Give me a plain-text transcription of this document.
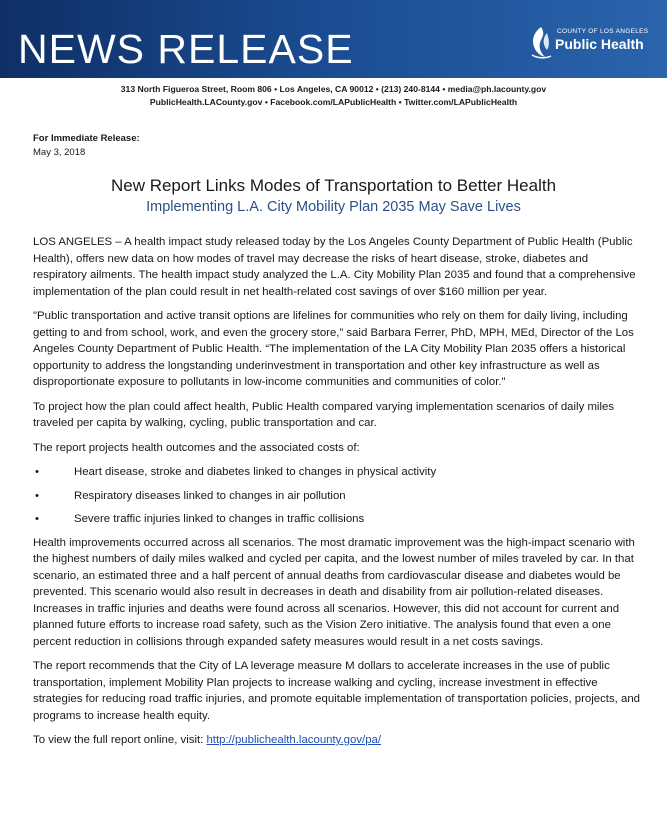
NEWS RELEASE	COUNTY OF LOS ANGELES
Public Health
313 North Figueroa Street, Room 806 • Los Angeles, CA 90012 • (213) 240-8144 • media@ph.lacounty.gov
PublicHealth.LACounty.gov • Facebook.com/LAPublicHealth • Twitter.com/LAPublicHealth
For Immediate Release:
May 3, 2018
New Report Links Modes of Transportation to Better Health
Implementing L.A. City Mobility Plan 2035 May Save Lives

LOS ANGELES – A health impact study released today by the Los Angeles County Department of Public Health (Public Health), offers new data on how modes of travel may decrease the risks of heart disease, stroke, diabetes and respiratory ailments. The health impact study analyzed the L.A. City Mobility Plan 2035 and found that a comprehensive implementation of the plan could result in net health-related cost savings of over $160 million per year.

"Public transportation and active transit options are lifelines for communities who rely on them for daily living, including getting to and from school, work, and even the grocery store,” said Barbara Ferrer, PhD, MPH, MEd, Director of the Los Angeles County Department of Public Health. “The implementation of the LA City Mobility Plan 2035 offers a historical opportunity to address the longstanding underinvestment in transportation and other key infrastructure as well as disproportionate exposure to pollutants in low-income communities and communities of color."

To project how the plan could affect health, Public Health compared varying implementation scenarios of daily miles traveled per capita by walking, cycling, public transportation and car.

The report projects health outcomes and the associated costs of:

•	Heart disease, stroke and diabetes linked to changes in physical activity
•	Respiratory diseases linked to changes in air pollution
•	Severe traffic injuries linked to changes in traffic collisions

Health improvements occurred across all scenarios. The most dramatic improvement was the high-impact scenario with the highest numbers of daily miles walked and cycled per capita, and the lowest number of miles traveled by car. In that scenario, an estimated three and a half percent of annual deaths from cardiovascular disease and diabetes would be prevented. This scenario would also result in decreases in death and disability from air pollution-related diseases. Increases in traffic injuries and deaths were found across all scenarios. However, this did not account for current and planned future efforts to increase road safety, such as the Vision Zero initiative. The analysis found that even a one percent reduction in collisions through expanded safety measures would result in a net costs savings.

The report recommends that the City of LA leverage measure M dollars to accelerate increases in the use of public transportation, implement Mobility Plan projects to increase walking and cycling, increase investment in effective strategies for reducing road traffic injuries, and promote equitable implementation of transportation policies, projects, and programs to increase health equity.

To view the full report online, visit: http://publichealth.lacounty.gov/pa/
